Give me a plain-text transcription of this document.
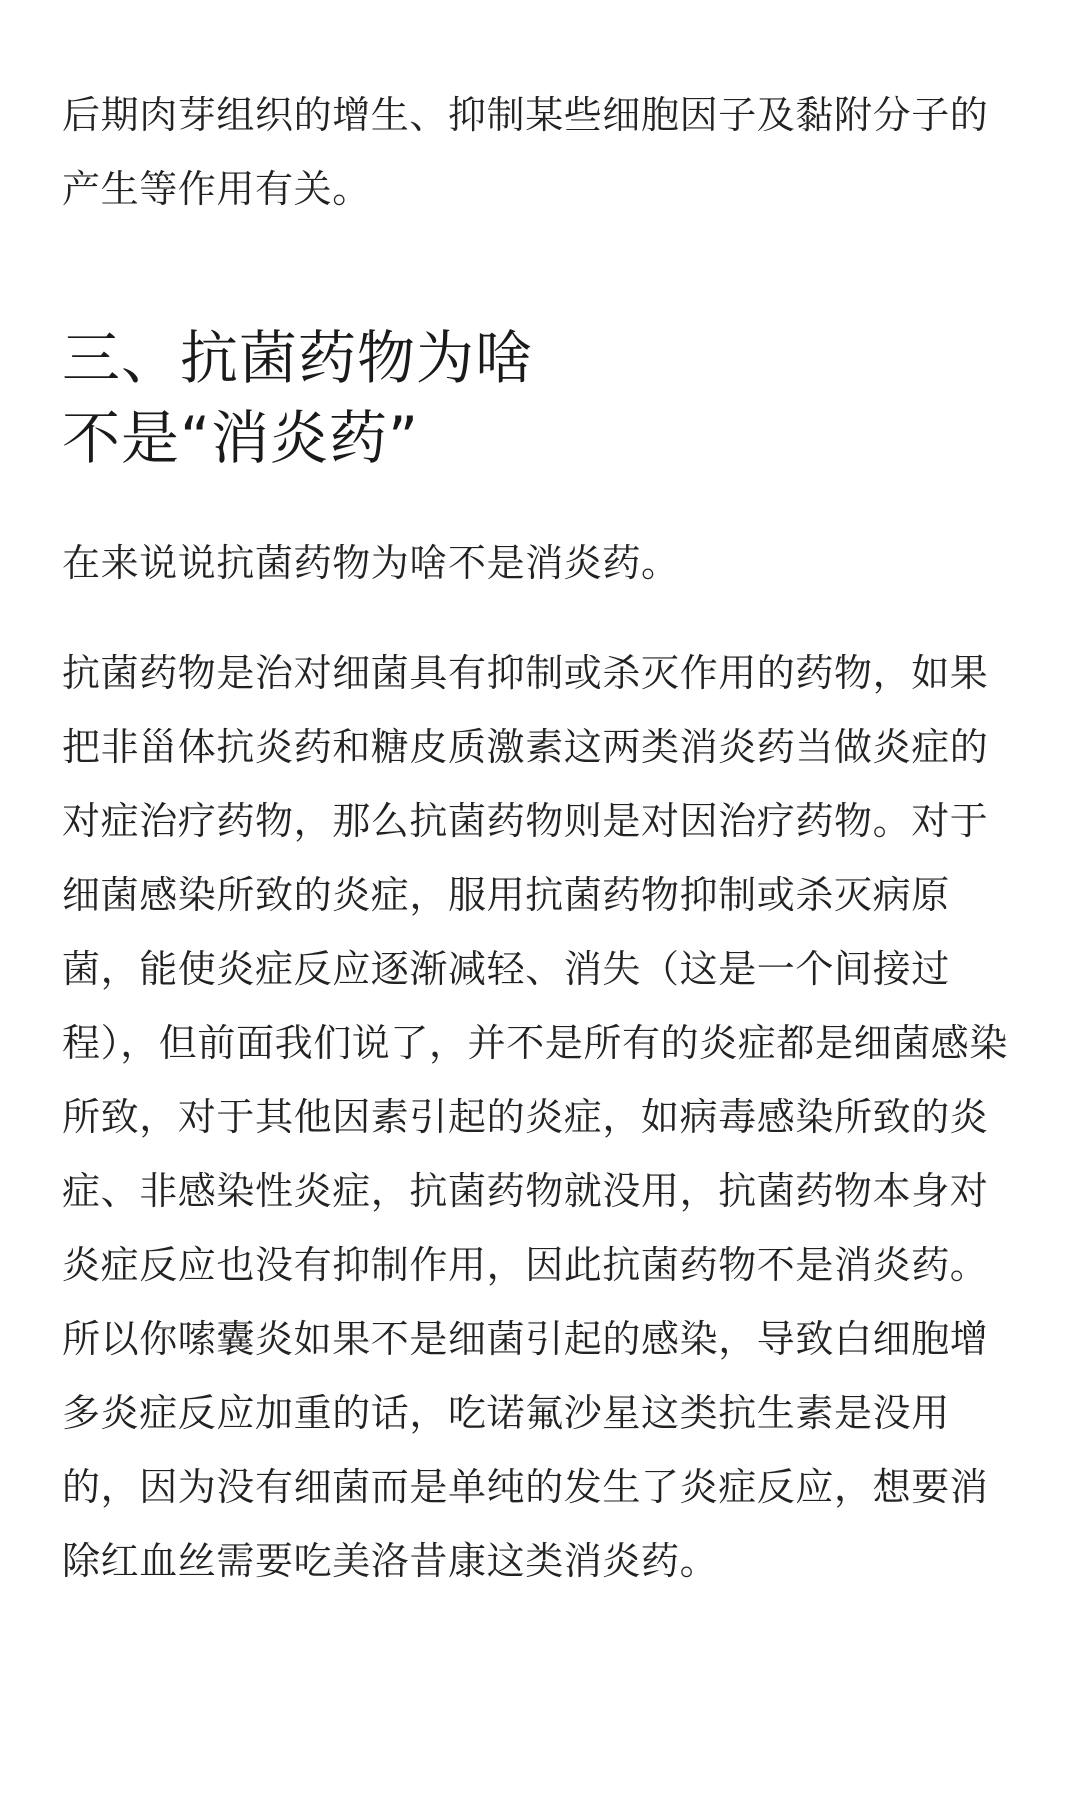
后期肉芽组织的增生、抑制某些细胞因子及黏附分子的产生等作用有关。

三、抗菌药物为啥
不是“消炎药”

在来说说抗菌药物为啥不是消炎药。

抗菌药物是治对细菌具有抑制或杀灭作用的药物，如果把非甾体抗炎药和糖皮质激素这两类消炎药当做炎症的对症治疗药物，那么抗菌药物则是对因治疗药物。对于细菌感染所致的炎症，服用抗菌药物抑制或杀灭病原菌，能使炎症反应逐渐减轻、消失（这是一个间接过程），但前面我们说了，并不是所有的炎症都是细菌感染所致，对于其他因素引起的炎症，如病毒感染所致的炎症、非感染性炎症，抗菌药物就没用，抗菌药物本身对炎症反应也没有抑制作用，因此抗菌药物不是消炎药。所以你嗦囊炎如果不是细菌引起的感染，导致白细胞增多炎症反应加重的话，吃诺氟沙星这类抗生素是没用的，因为没有细菌而是单纯的发生了炎症反应，想要消除红血丝需要吃美洛昔康这类消炎药。
